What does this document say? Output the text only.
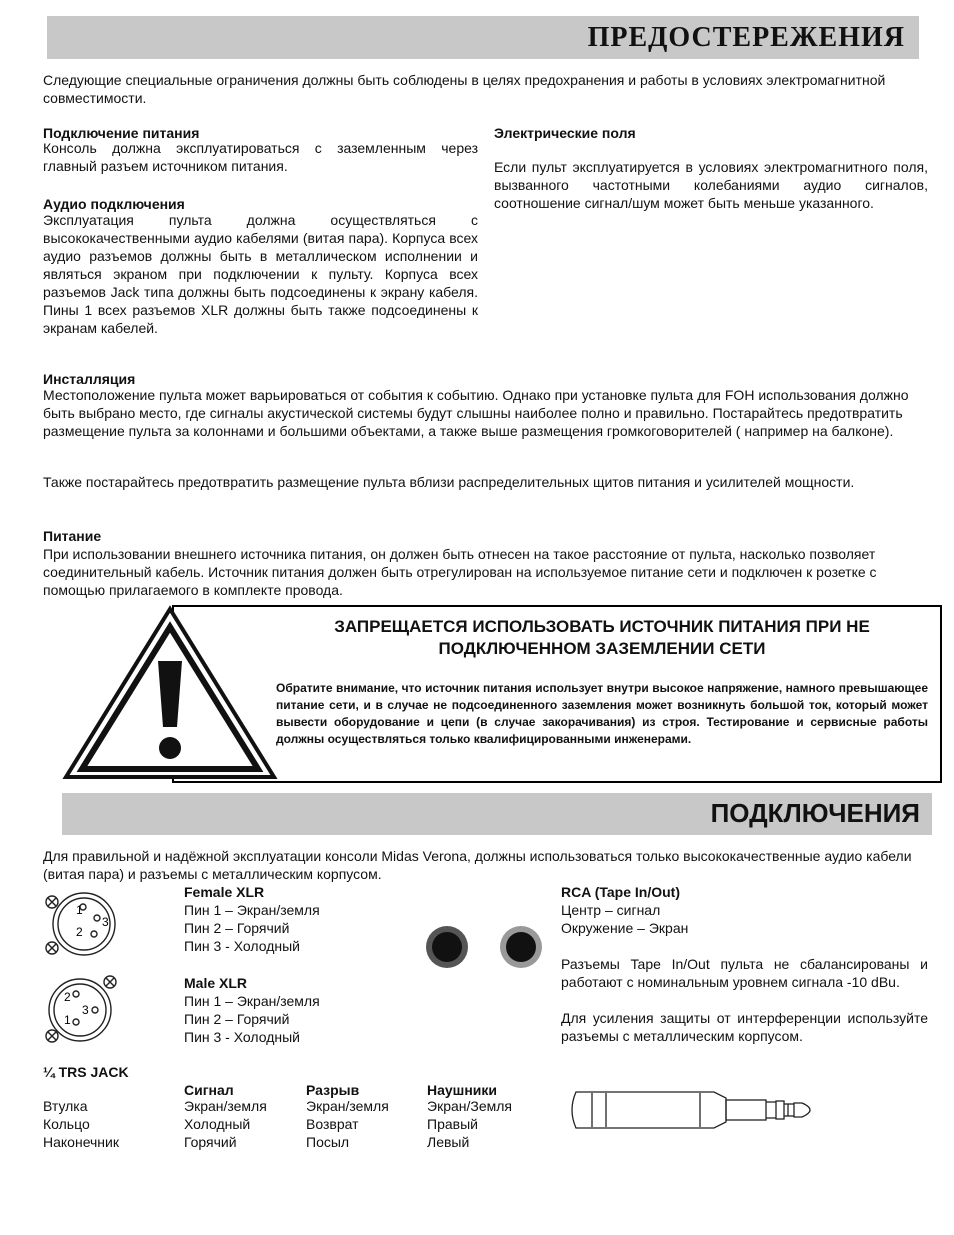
ПРЕДОСТЕРЕЖЕНИЯ

Следующие специальные ограничения должны быть соблюдены в целях предохранения и работы в условиях электромагнитной совместимости.

Подключение питания

Консоль должна эксплуатироваться с заземленным через главный разъем источником питания.

Аудио подключения

Эксплуатация пульта должна осуществляться с высококачественными аудио кабелями (витая пара). Корпуса всех аудио разъемов должны быть в металлическом исполнении и являться экраном при подключении к пульту. Корпуса всех разъемов Jack типа должны быть подсоединены к экрану кабеля. Пины 1 всех разъемов XLR должны быть также подсоединены к экранам кабелей.

Электрические поля

Если пульт эксплуатируется в условиях электромагнитного поля, вызванного частотными колебаниями аудио сигналов, соотношение сигнал/шум может быть меньше указанного.

Инсталляция

Местоположение пульта может варьироваться от события к событию. Однако при установке пульта для FOH использования должно быть выбрано место, где сигналы акустической системы будут слышны наиболее полно и правильно. Постарайтесь предотвратить размещение пульта за колоннами и большими объектами, а также выше размещения громкоговорителей ( например на балконе).

Также постарайтесь предотвратить размещение пульта вблизи распределительных щитов питания и усилителей мощности.

Питание

При использовании внешнего источника питания, он должен быть отнесен на такое расстояние от пульта, насколько позволяет соединительный кабель. Источник питания должен быть отрегулирован на используемое питание сети и подключен к розетке с помощью прилагаемого в комплекте провода.

ЗАПРЕЩАЕТСЯ ИСПОЛЬЗОВАТЬ ИСТОЧНИК ПИТАНИЯ ПРИ НЕ ПОДКЛЮЧЕННОМ ЗАЗЕМЛЕНИИ СЕТИ
Обратите внимание, что источник питания использует внутри высокое напряжение, намного превышающее питание сети, и в случае не подсоединенного заземления может возникнуть большой ток, который может вывести оборудование и цепи (в случае закорачивания) из строя. Тестирование и сервисные работы должны осуществляться только квалифицированными инженерами.
ПОДКЛЮЧЕНИЯ

Для правильной и надёжной эксплуатации консоли Midas Verona, должны использоваться только высококачественные аудио кабели (витая пара) и разъемы с металлическим корпусом.

1
2
3
2
1
3
Female XLR
Пин 1 – Экран/земля
Пин 2 – Горячий
Пин 3 - Холодный
Male XLR
Пин 1 – Экран/земля
Пин 2 – Горячий
Пин 3 - Холодный
RCA (Tape In/Out)
Центр – сигнал
Окружение – Экран

Разъемы Tape In/Out пульта не сбалансированы и работают с номинальным уровнем сигнала -10 dBu.

Для усиления защиты от интерференции используйте разъемы с металлическим корпусом.

¼ TRS JACK
Сигнал	Разрыв	Наушники
Втулка
Кольцо
Наконечник
Экран/земля
Холодный
Горячий
Экран/земля
Возврат
Посыл
Экран/Земля
Правый
Левый
